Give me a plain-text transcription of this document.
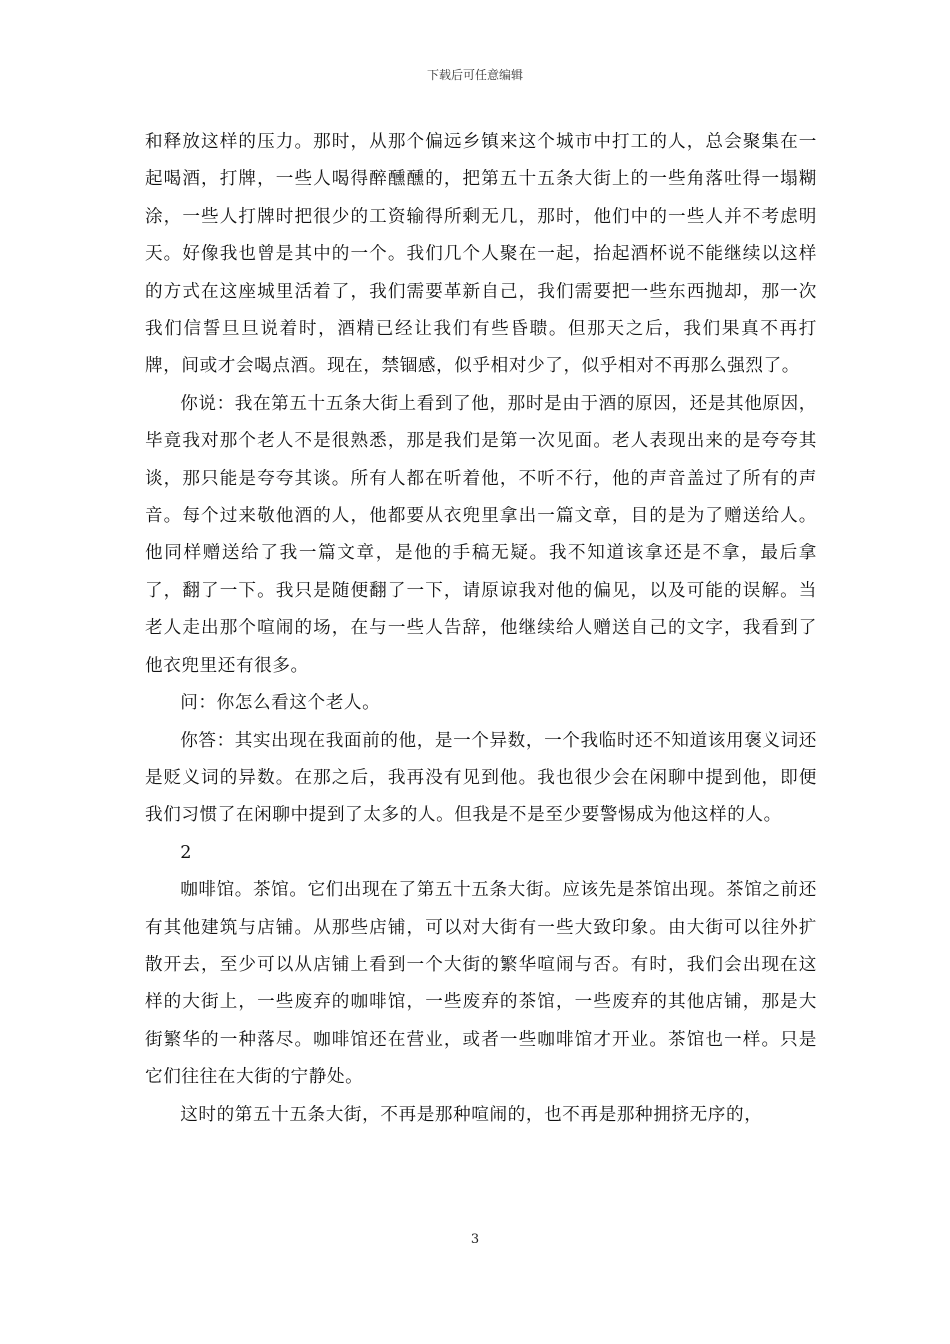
下载后可任意编辑

和释放这样的压力。那时，从那个偏远乡镇来这个城市中打工的人，总会聚集在一起喝酒，打牌，一些人喝得醉醺醺的，把第五十五条大街上的一些角落吐得一塌糊涂，一些人打牌时把很少的工资输得所剩无几，那时，他们中的一些人并不考虑明天。好像我也曾是其中的一个。我们几个人聚在一起，抬起酒杯说不能继续以这样的方式在这座城里活着了，我们需要革新自己，我们需要把一些东西抛却，那一次我们信誓旦旦说着时，酒精已经让我们有些昏聩。但那天之后，我们果真不再打牌，间或才会喝点酒。现在，禁锢感，似乎相对少了，似乎相对不再那么强烈了。

你说：我在第五十五条大街上看到了他，那时是由于酒的原因，还是其他原因，毕竟我对那个老人不是很熟悉，那是我们是第一次见面。老人表现出来的是夸夸其谈，那只能是夸夸其谈。所有人都在听着他，不听不行，他的声音盖过了所有的声音。每个过来敬他酒的人，他都要从衣兜里拿出一篇文章，目的是为了赠送给人。他同样赠送给了我一篇文章，是他的手稿无疑。我不知道该拿还是不拿，最后拿了，翻了一下。我只是随便翻了一下，请原谅我对他的偏见，以及可能的误解。当老人走出那个喧闹的场，在与一些人告辞，他继续给人赠送自己的文字，我看到了他衣兜里还有很多。

问：你怎么看这个老人。

你答：其实出现在我面前的他，是一个异数，一个我临时还不知道该用褒义词还是贬义词的异数。在那之后，我再没有见到他。我也很少会在闲聊中提到他，即便我们习惯了在闲聊中提到了太多的人。但我是不是至少要警惕成为他这样的人。

2

咖啡馆。茶馆。它们出现在了第五十五条大街。应该先是茶馆出现。茶馆之前还有其他建筑与店铺。从那些店铺，可以对大街有一些大致印象。由大街可以往外扩散开去，至少可以从店铺上看到一个大街的繁华喧闹与否。有时，我们会出现在这样的大街上，一些废弃的咖啡馆，一些废弃的茶馆，一些废弃的其他店铺，那是大街繁华的一种落尽。咖啡馆还在营业，或者一些咖啡馆才开业。茶馆也一样。只是它们往往在大街的宁静处。

这时的第五十五条大街，不再是那种喧闹的，也不再是那种拥挤无序的，

3
